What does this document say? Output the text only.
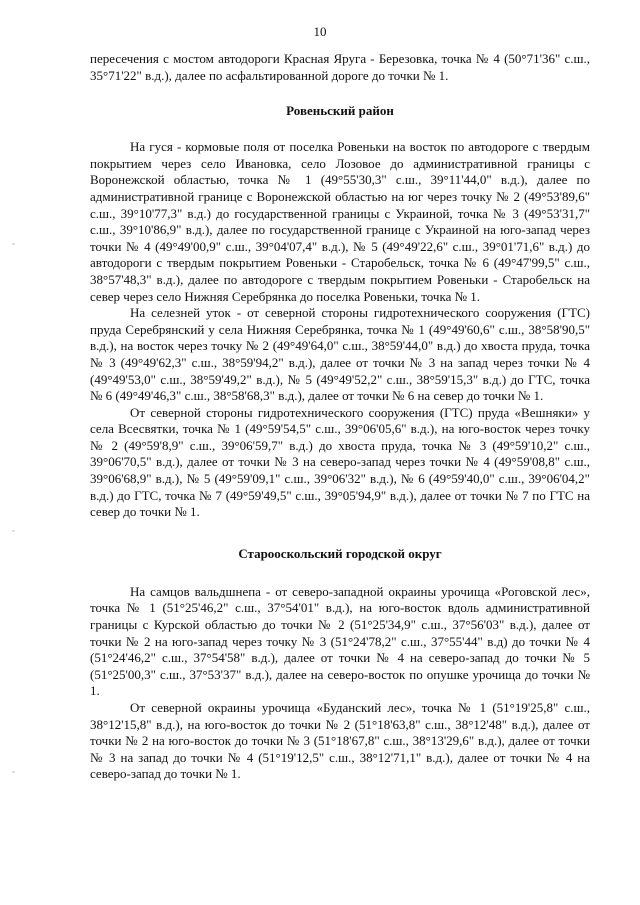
10
◦
◦
◦

пересечения с мостом автодороги Красная Яруга - Березовка, точка № 4 (50°71'36" с.ш., 35°71'22" в.д.), далее по асфальтированной дороге до точки № 1.

Ровеньский район

На гуся - кормовые поля от поселка Ровеньки на восток по автодороге с твердым покрытием через село Ивановка, село Лозовое до административной границы с Воронежской областью, точка № 1 (49°55'30,3" с.ш., 39°11'44,0" в.д.), далее по административной границе с Воронежской областью на юг через точку № 2 (49°53'89,6" с.ш., 39°10'77,3" в.д.) до государственной границы с Украиной, точка № 3 (49°53'31,7" с.ш., 39°10'86,9" в.д.), далее по государственной границе с Украиной на юго-запад через точки № 4 (49°49'00,9" с.ш., 39°04'07,4" в.д.), № 5 (49°49'22,6" с.ш., 39°01'71,6" в.д.) до автодороги с твердым покрытием Ровеньки - Старобельск, точка № 6 (49°47'99,5" с.ш., 38°57'48,3" в.д.), далее по автодороге с твердым покрытием Ровеньки - Старобельск на север через село Нижняя Серебрянка до поселка Ровеньки, точка № 1.

На селезней уток - от северной стороны гидротехнического сооружения (ГТС) пруда Серебрянский у села Нижняя Серебрянка, точка № 1 (49°49'60,6" с.ш., 38°58'90,5" в.д.), на восток через точку № 2 (49°49'64,0" с.ш., 38°59'44,0" в.д.) до хвоста пруда, точка № 3 (49°49'62,3" с.ш., 38°59'94,2" в.д.), далее от точки № 3 на запад через точки № 4 (49°49'53,0" с.ш., 38°59'49,2" в.д.), № 5 (49°49'52,2" с.ш., 38°59'15,3" в.д.) до ГТС, точка № 6 (49°49'46,3" с.ш., 38°58'68,3" в.д.), далее от точки № 6 на север до точки № 1.

От северной стороны гидротехнического сооружения (ГТС) пруда «Вешняки» у села Всесвятки, точка № 1 (49°59'54,5" с.ш., 39°06'05,6" в.д.), на юго-восток через точку № 2 (49°59'8,9" с.ш., 39°06'59,7" в.д.) до хвоста пруда, точка № 3 (49°59'10,2" с.ш., 39°06'70,5" в.д.), далее от точки № 3 на северо-запад через точки № 4 (49°59'08,8" с.ш., 39°06'68,9" в.д.), № 5 (49°59'09,1" с.ш., 39°06'32" в.д.), № 6 (49°59'40,0" с.ш., 39°06'04,2" в.д.) до ГТС, точка № 7 (49°59'49,5" с.ш., 39°05'94,9" в.д.), далее от точки № 7 по ГТС на север до точки № 1.

Старооскольский городской округ

На самцов вальдшнепа - от северо-западной окраины урочища «Роговской лес», точка № 1 (51°25'46,2" с.ш., 37°54'01" в.д.), на юго-восток вдоль административной границы с Курской областью до точки № 2 (51°25'34,9" с.ш., 37°56'03" в.д.), далее от точки № 2 на юго-запад через точку № 3 (51°24'78,2" с.ш., 37°55'44" в.д) до точки № 4 (51°24'46,2" с.ш., 37°54'58" в.д.), далее от точки № 4 на северо-запад до точки № 5 (51°25'00,3" с.ш., 37°53'37" в.д.), далее на северо-восток по опушке урочища до точки № 1.

От северной окраины урочища «Буданский лес», точка № 1 (51°19'25,8" с.ш., 38°12'15,8" в.д.), на юго-восток до точки № 2 (51°18'63,8" с.ш., 38°12'48" в.д.), далее от точки № 2 на юго-восток до точки № 3 (51°18'67,8" с.ш., 38°13'29,6" в.д.), далее от точки № 3 на запад до точки № 4 (51°19'12,5" с.ш., 38°12'71,1" в.д.), далее от точки № 4 на северо-запад до точки № 1.
